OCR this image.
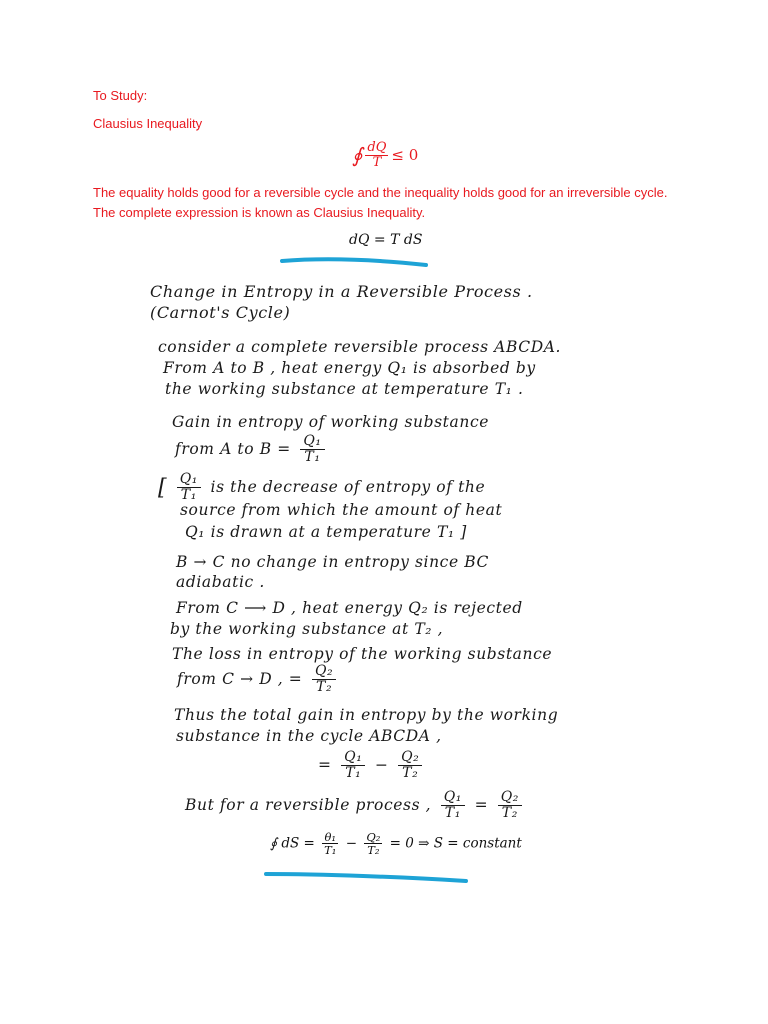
To Study:
Clausius Inequality
∮ $\frac{dQ}{T} \le 0$
The equality holds good for a reversible cycle and the inequality holds good for an irreversible cycle.
The complete expression is known as Clausius Inequality.
dQ = T dS
Change in Entropy in a Reversible Process .
(Carnot's Cycle)
consider a complete reversible process ABCDA.
From A to B , heat energy Q₁ is absorbed by
the working substance at temperature T₁ .
Gain in entropy of working substance
from A to $B = \frac{\text{Q₁}}{\text{T₁}}$
[ $\frac{\text{Q₁}}{\text{T₁}}$ is the decrease of entropy of the
source from which the amount of heat
Q₁ is drawn at a temperature T₁ ]
B → C no change in entropy since BC
adiabatic .
From C ⟶ D , heat energy Q₂ is rejected
by the working substance at T₂ ,
The loss in entropy of the working substance
from C → D , = $\frac{\text{Q₂}}{\text{T₂}}$
Thus the total gain in entropy by the working
substance in the cycle ABCDA ,
= $\frac{\text{Q₁}}{\text{T₁}} - \frac{\text{Q₂}}{\text{T₂}}$
But for a reversible process , $\frac{\text{Q₁}}{\text{T₁}} = \frac{\text{Q₂}}{\text{T₂}}$
∮ dS = $\frac{\text{θ₁}}{\text{T₁}} - \frac{\text{Q₂}}{\text{T₂}} = 0$ ⇒ S = constant
